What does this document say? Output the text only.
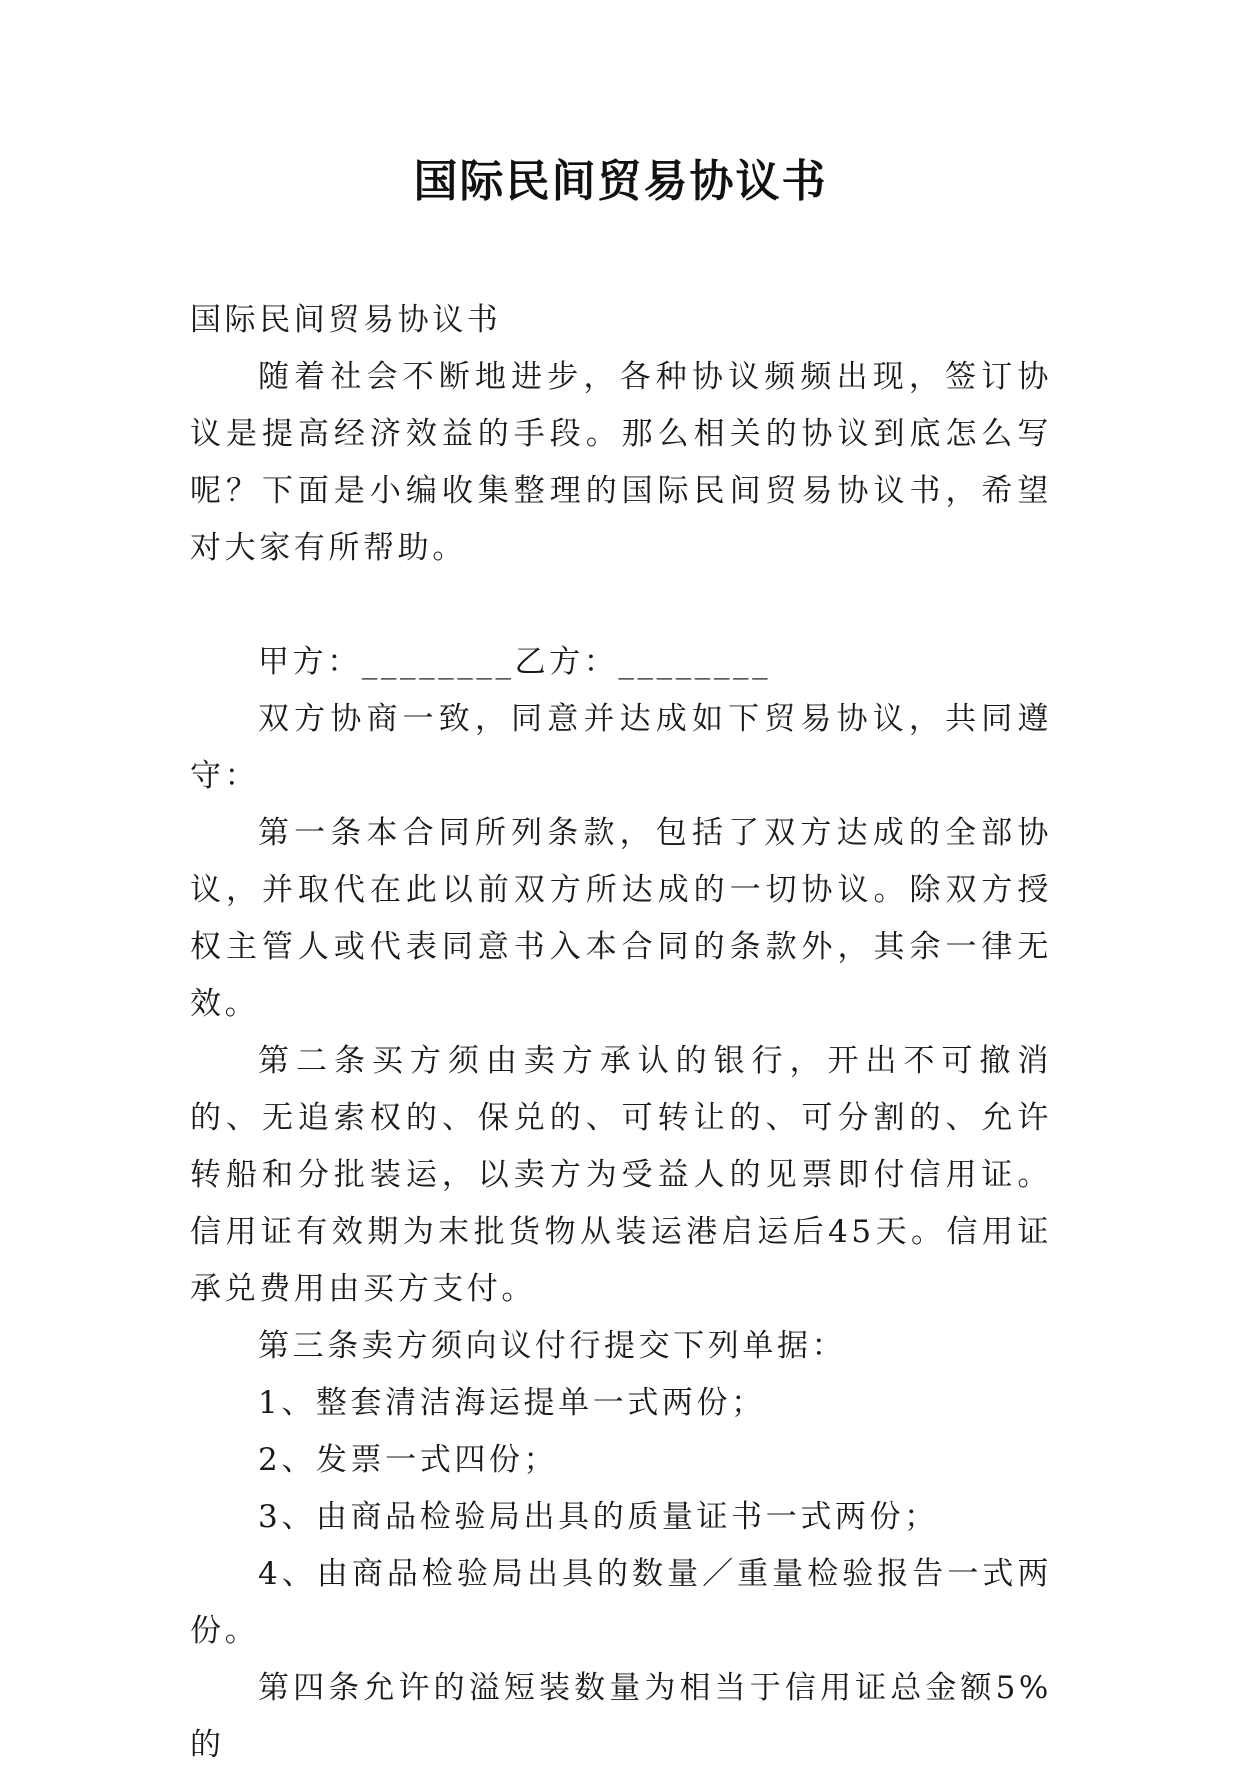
国际民间贸易协议书

国际民间贸易协议书

随着社会不断地进步，各种协议频频出现，签订协议是提高经济效益的手段。那么相关的协议到底怎么写呢？下面是小编收集整理的国际民间贸易协议书，希望对大家有所帮助。

甲方：________乙方：________

双方协商一致，同意并达成如下贸易协议，共同遵守：

第一条本合同所列条款，包括了双方达成的全部协议，并取代在此以前双方所达成的一切协议。除双方授权主管人或代表同意书入本合同的条款外，其余一律无效。

第二条买方须由卖方承认的银行，开出不可撤消的、无追索权的、保兑的、可转让的、可分割的、允许转船和分批装运，以卖方为受益人的见票即付信用证。信用证有效期为末批货物从装运港启运后45天。信用证承兑费用由买方支付。

第三条卖方须向议付行提交下列单据：

1、整套清洁海运提单一式两份；

2、发票一式四份；

3、由商品检验局出具的质量证书一式两份；

4、由商品检验局出具的数量／重量检验报告一式两份。

第四条允许的溢短装数量为相当于信用证总金额5%的
